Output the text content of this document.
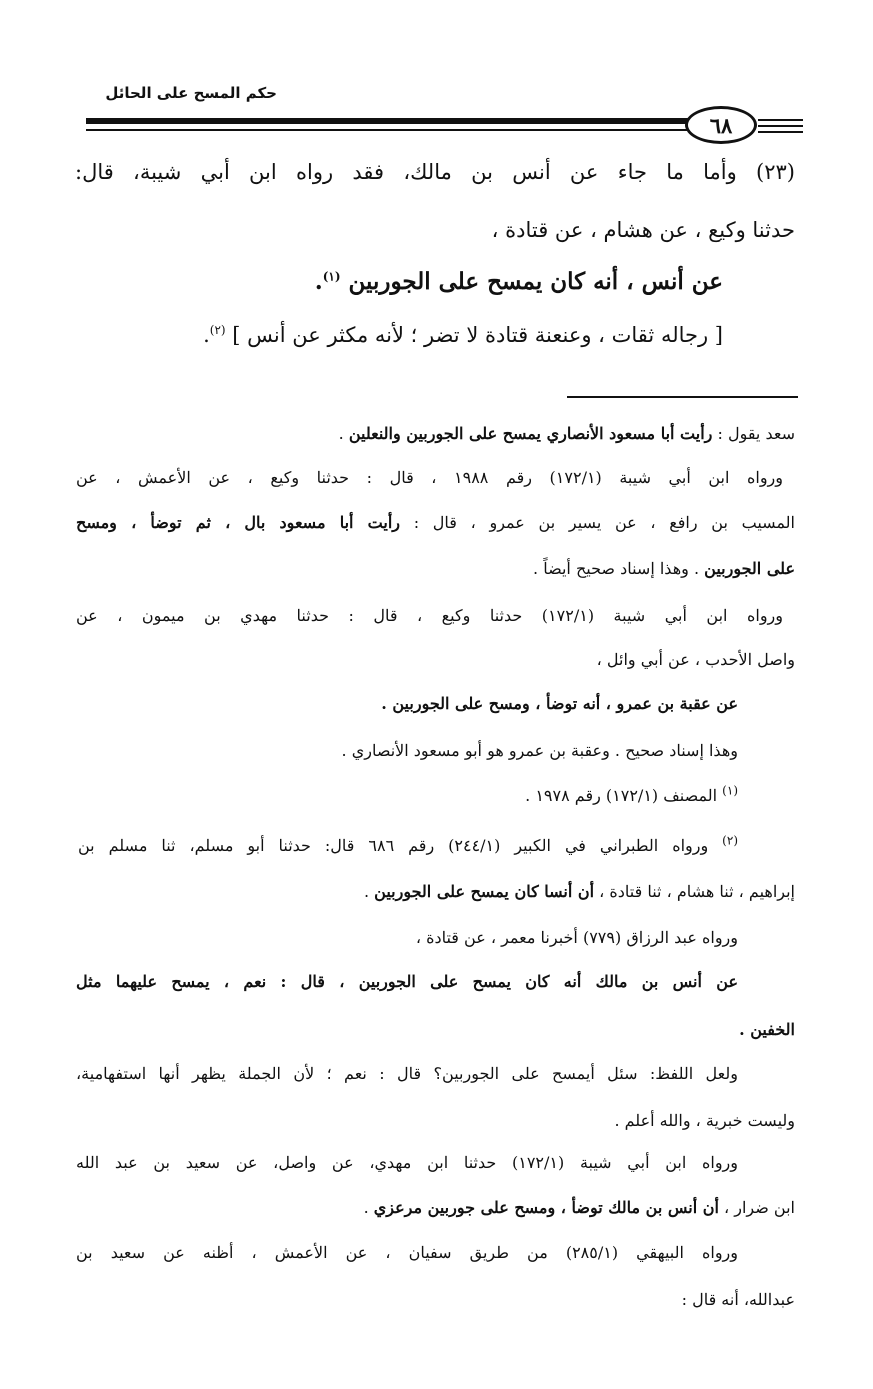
حكم المسح على الحائل
٦٨
(٢٣) وأما ما جاء عن أنس بن مالك، فقد رواه ابن أبي شيبة، قال:
حدثنا وكيع ، عن هشام ، عن قتادة ،
عن أنس ، أنه كان يمسح على الجوربين $^{(١)}$.
[ رجاله ثقات ، وعنعنة قتادة لا تضر ؛ لأنه مكثر عن أنس ] $^{(٢)}$.
سعد يقول : رأيت أبا مسعود الأنصاري يمسح على الجوربين والنعلين .
ورواه ابن أبي شيبة (١٧٢/١) رقم ١٩٨٨ ، قال : حدثنا وكيع ، عن الأعمش ، عن
المسيب بن رافع ، عن يسير بن عمرو ، قال : رأيت أبا مسعود بال ، ثم توضأ ، ومسح
على الجوربين . وهذا إسناد صحيح أيضاً .
ورواه ابن أبي شيبة (١٧٢/١) حدثنا وكيع ، قال : حدثنا مهدي بن ميمون ، عن
واصل الأحدب ، عن أبي وائل ،
عن عقبة بن عمرو ، أنه توضأ ، ومسح على الجوربين .
وهذا إسناد صحيح . وعقبة بن عمرو هو أبو مسعود الأنصاري .
$^{(١)}$ المصنف (١٧٢/١) رقم ١٩٧٨ .
$^{(٢)}$ ورواه الطبراني في الكبير (٢٤٤/١) رقم ٦٨٦ قال: حدثنا أبو مسلم، ثنا مسلم بن
إبراهيم ، ثنا هشام ، ثنا قتادة ، أن أنسا كان يمسح على الجوربين .
ورواه عبد الرزاق (٧٧٩) أخبرنا معمر ، عن قتادة ،
عن أنس بن مالك أنه كان يمسح على الجوربين ، قال : نعم ، يمسح عليهما مثل
الخفين .
ولعل اللفظ: سئل أيمسح على الجوربين؟ قال : نعم ؛ لأن الجملة يظهر أنها استفهامية،
وليست خبرية ، والله أعلم .
ورواه ابن أبي شيبة (١٧٢/١) حدثنا ابن مهدي، عن واصل، عن سعيد بن عبد الله
ابن ضرار ، أن أنس بن مالك توضأ ، ومسح على جوربين مرعزي .
ورواه البيهقي (٢٨٥/١) من طريق سفيان ، عن الأعمش ، أظنه عن سعيد بن
عبدالله، أنه قال :
